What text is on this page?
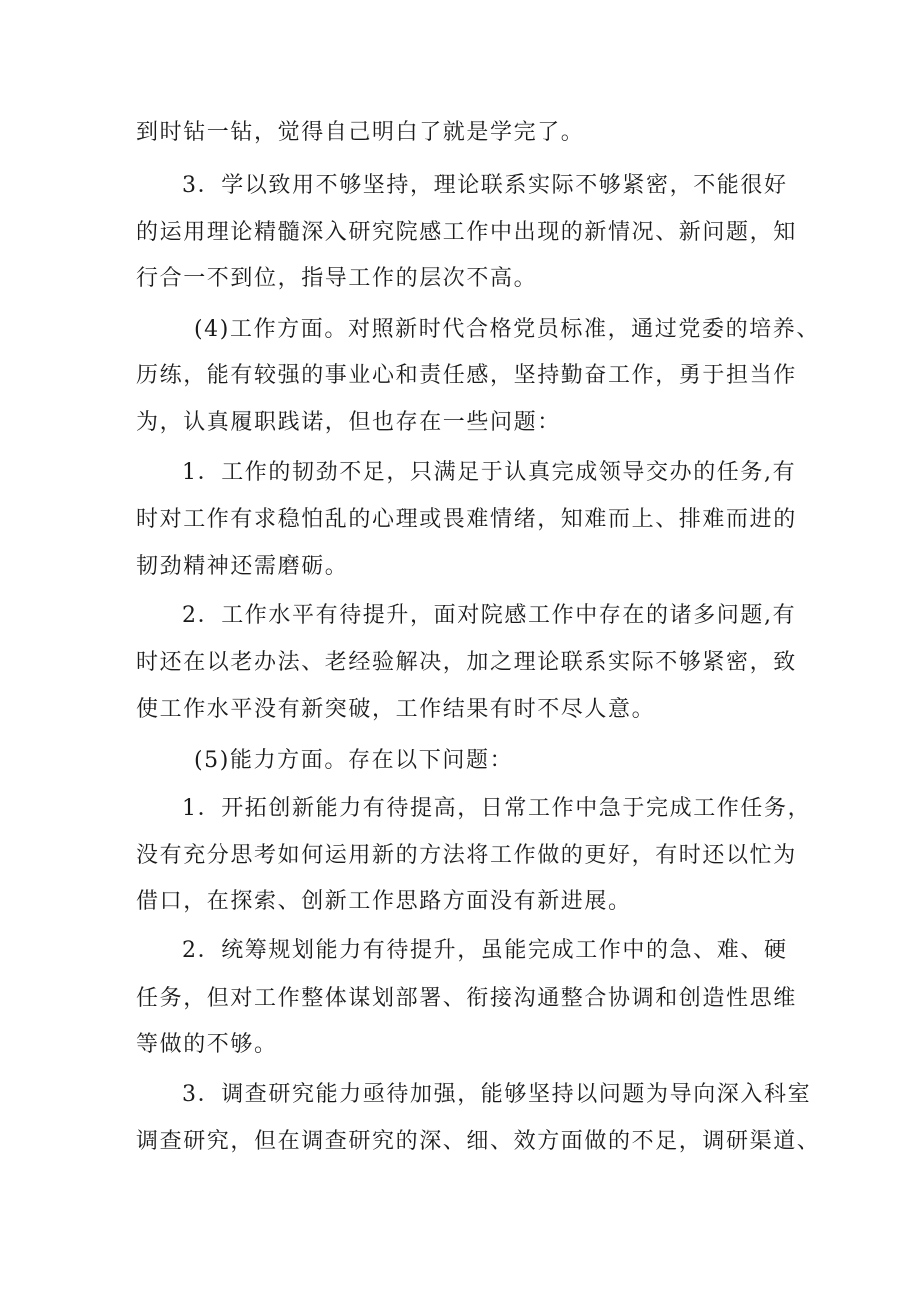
到时钻一钻，觉得自己明白了就是学完了。
3．学以致用不够坚持，理论联系实际不够紧密，不能很好
的运用理论精髓深入研究院感工作中出现的新情况、新问题，知
行合一不到位，指导工作的层次不高。
(4)工作方面。对照新时代合格党员标准，通过党委的培养、
历练，能有较强的事业心和责任感，坚持勤奋工作，勇于担当作
为，认真履职践诺，但也存在一些问题：
1．工作的韧劲不足，只满足于认真完成领导交办的任务,有
时对工作有求稳怕乱的心理或畏难情绪，知难而上、排难而进的
韧劲精神还需磨砺。
2．工作水平有待提升，面对院感工作中存在的诸多问题,有
时还在以老办法、老经验解决，加之理论联系实际不够紧密，致
使工作水平没有新突破，工作结果有时不尽人意。
(5)能力方面。存在以下问题：
1．开拓创新能力有待提高，日常工作中急于完成工作任务，
没有充分思考如何运用新的方法将工作做的更好，有时还以忙为
借口，在探索、创新工作思路方面没有新进展。
2．统筹规划能力有待提升，虽能完成工作中的急、难、硬
任务，但对工作整体谋划部署、衔接沟通整合协调和创造性思维
等做的不够。
3．调查研究能力亟待加强，能够坚持以问题为导向深入科室
调查研究，但在调查研究的深、细、效方面做的不足，调研渠道、
